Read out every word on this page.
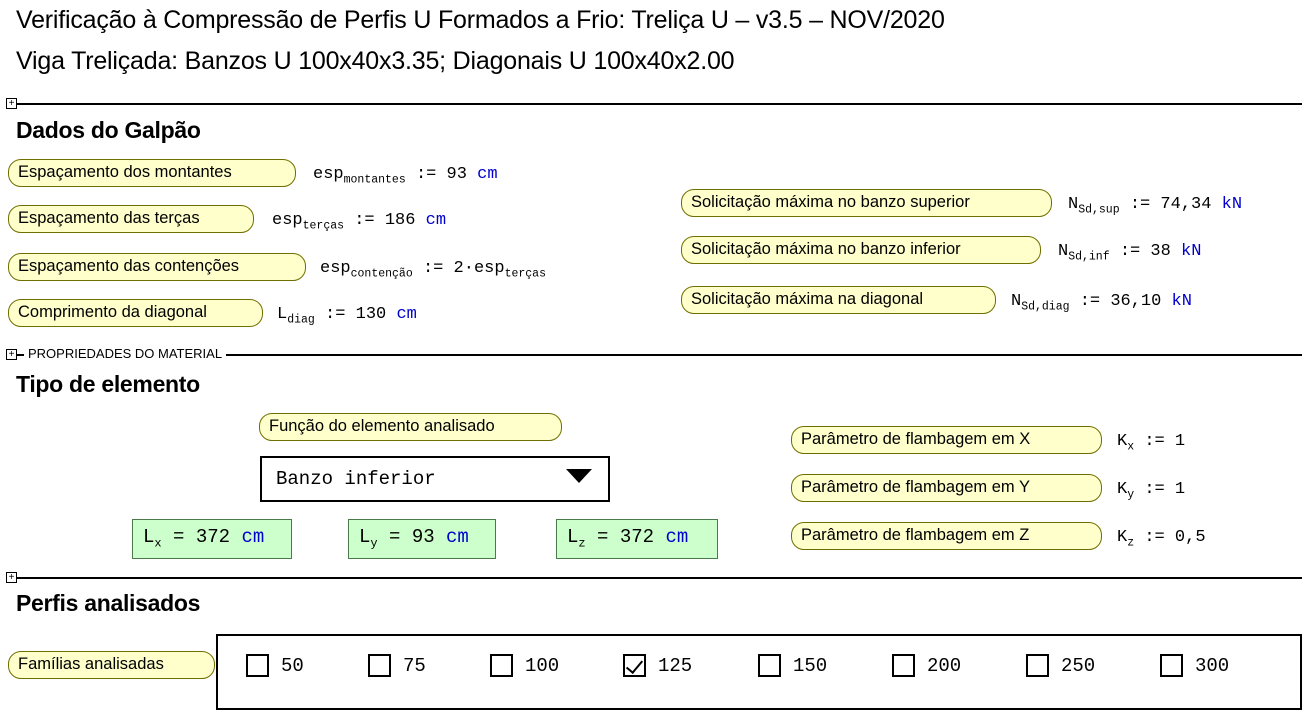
Verificação à Compressão de Perfis U Formados a Frio: Treliça U – v3.5 – NOV/2020
Viga Treliçada: Banzos U 100x40x3.35; Diagonais U 100x40x2.00
+
Dados do Galpão
Espaçamento dos montantes	esp$_{montantes}$ := 93 cm
Espaçamento das terças	esp$_{terças}$ := 186 cm
Espaçamento das contenções	esp$_{contenção}$ := 2·esp$_{terças}$
Comprimento da diagonal	$L_{diag}$ := 130 cm
Solicitação máxima no banzo superior	$N_{Sd,sup}$ := 74,34 kN
Solicitação máxima no banzo inferior	$N_{Sd,inf}$ := 38 kN
Solicitação máxima na diagonal	$N_{Sd,diag}$ := 36,10 kN
+	PROPRIEDADES DO MATERIAL
Tipo de elemento
Função do elemento analisado
Banzo inferior
$L_x = 372$ cm	$L_y = 93$ cm	$L_z = 372$ cm
Parâmetro de flambagem em X	$K_x$ := 1
Parâmetro de flambagem em Y	$K_y$ := 1
Parâmetro de flambagem em Z	$K_z$ := 0,5
+
Perfis analisados
Famílias analisadas	50	75	100	125	150	200	250	300
